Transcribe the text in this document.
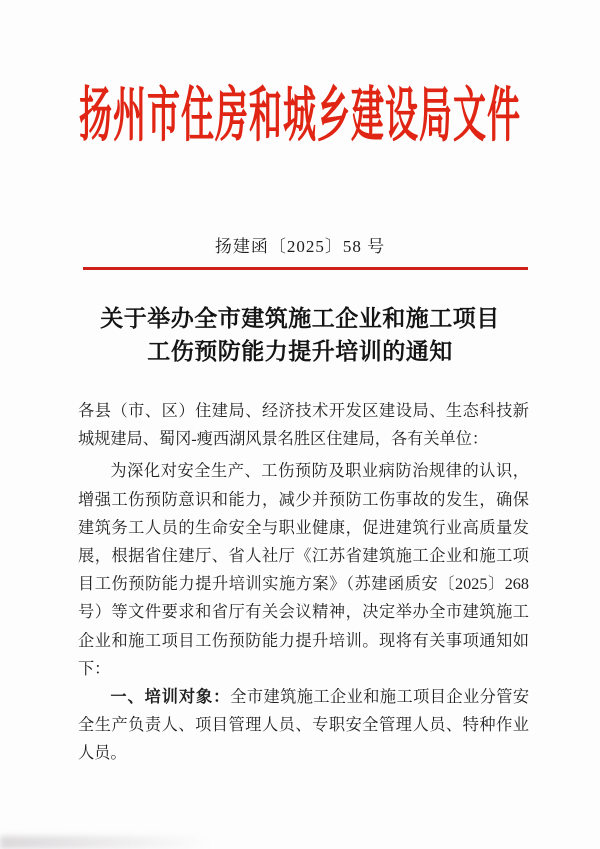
扬州市住房和城乡建设局文件
扬建函〔2025〕58 号
关于举办全市建筑施工企业和施工项目
工伤预防能力提升培训的通知

各县（市、区）住建局、经济技术开发区建设局、生态科技新城规建局、蜀冈-瘦西湖风景名胜区住建局，各有关单位：

为深化对安全生产、工伤预防及职业病防治规律的认识，增强工伤预防意识和能力，减少并预防工伤事故的发生，确保建筑务工人员的生命安全与职业健康，促进建筑行业高质量发展，根据省住建厅、省人社厅《江苏省建筑施工企业和施工项目工伤预防能力提升培训实施方案》（苏建函质安〔2025〕268 号）等文件要求和省厅有关会议精神，决定举办全市建筑施工企业和施工项目工伤预防能力提升培训。现将有关事项通知如下：

一、培训对象：全市建筑施工企业和施工项目企业分管安全生产负责人、项目管理人员、专职安全管理人员、特种作业人员。
